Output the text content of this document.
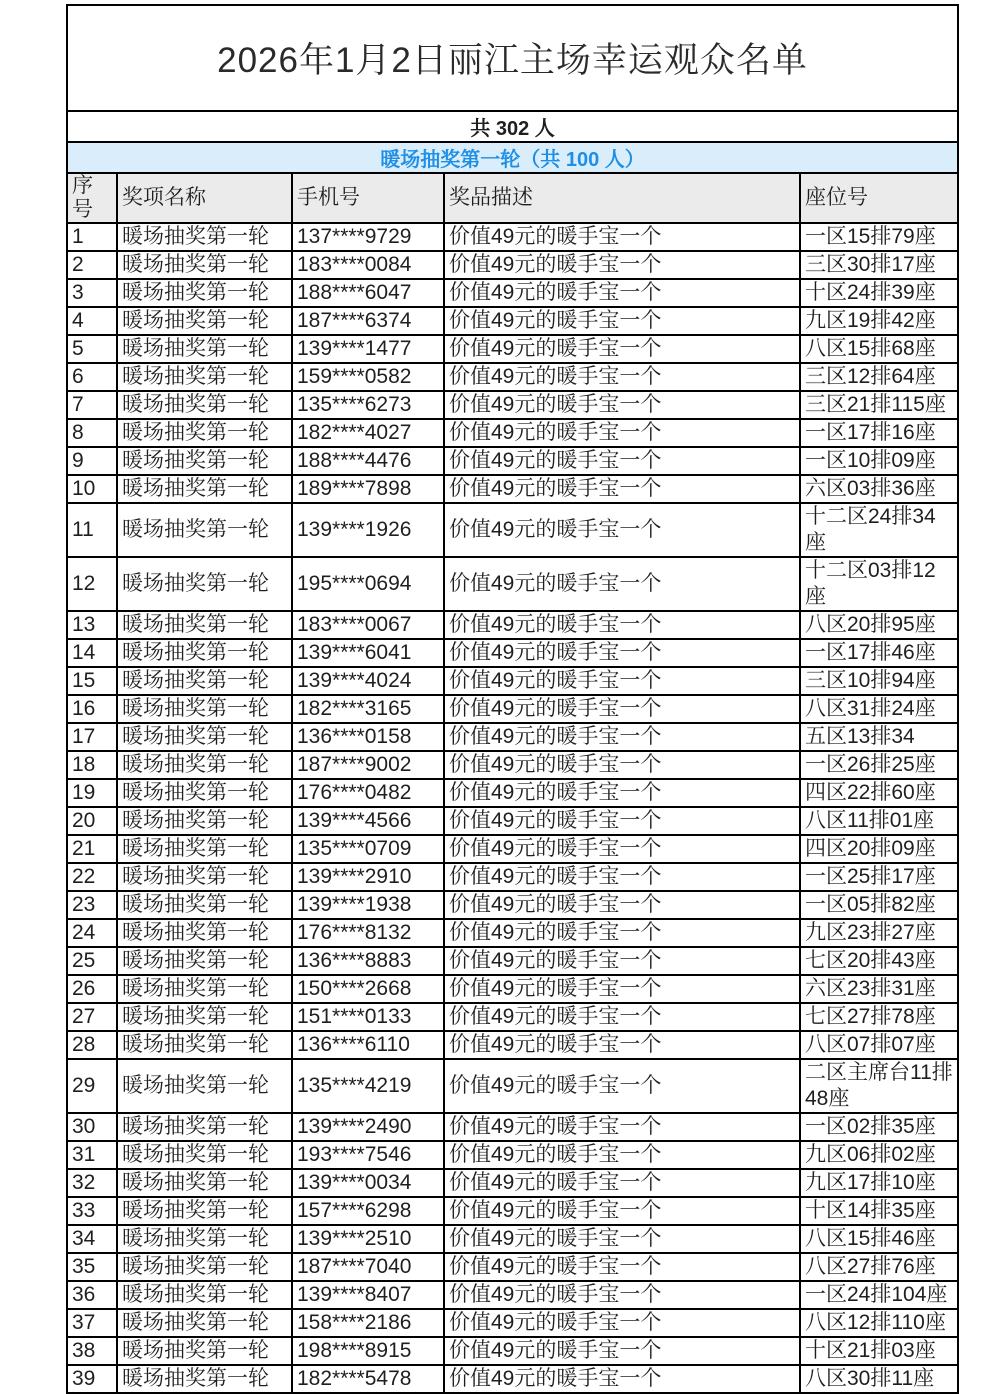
2026年1月2日丽江主场幸运观众名单				
共 302 人				
暖场抽奖第一轮（共 100 人）				
序号	奖项名称	手机号	奖品描述	座位号
1	暖场抽奖第一轮	137****9729	价值49元的暖手宝一个	一区15排79座
2	暖场抽奖第一轮	183****0084	价值49元的暖手宝一个	三区30排17座
3	暖场抽奖第一轮	188****6047	价值49元的暖手宝一个	十区24排39座
4	暖场抽奖第一轮	187****6374	价值49元的暖手宝一个	九区19排42座
5	暖场抽奖第一轮	139****1477	价值49元的暖手宝一个	八区15排68座
6	暖场抽奖第一轮	159****0582	价值49元的暖手宝一个	三区12排64座
7	暖场抽奖第一轮	135****6273	价值49元的暖手宝一个	三区21排115座
8	暖场抽奖第一轮	182****4027	价值49元的暖手宝一个	一区17排16座
9	暖场抽奖第一轮	188****4476	价值49元的暖手宝一个	一区10排09座
10	暖场抽奖第一轮	189****7898	价值49元的暖手宝一个	六区03排36座
11	暖场抽奖第一轮	139****1926	价值49元的暖手宝一个	十二区24排34座
12	暖场抽奖第一轮	195****0694	价值49元的暖手宝一个	十二区03排12座
13	暖场抽奖第一轮	183****0067	价值49元的暖手宝一个	八区20排95座
14	暖场抽奖第一轮	139****6041	价值49元的暖手宝一个	一区17排46座
15	暖场抽奖第一轮	139****4024	价值49元的暖手宝一个	三区10排94座
16	暖场抽奖第一轮	182****3165	价值49元的暖手宝一个	八区31排24座
17	暖场抽奖第一轮	136****0158	价值49元的暖手宝一个	五区13排34
18	暖场抽奖第一轮	187****9002	价值49元的暖手宝一个	一区26排25座
19	暖场抽奖第一轮	176****0482	价值49元的暖手宝一个	四区22排60座
20	暖场抽奖第一轮	139****4566	价值49元的暖手宝一个	八区11排01座
21	暖场抽奖第一轮	135****0709	价值49元的暖手宝一个	四区20排09座
22	暖场抽奖第一轮	139****2910	价值49元的暖手宝一个	一区25排17座
23	暖场抽奖第一轮	139****1938	价值49元的暖手宝一个	一区05排82座
24	暖场抽奖第一轮	176****8132	价值49元的暖手宝一个	九区23排27座
25	暖场抽奖第一轮	136****8883	价值49元的暖手宝一个	七区20排43座
26	暖场抽奖第一轮	150****2668	价值49元的暖手宝一个	六区23排31座
27	暖场抽奖第一轮	151****0133	价值49元的暖手宝一个	七区27排78座
28	暖场抽奖第一轮	136****6110	价值49元的暖手宝一个	八区07排07座
29	暖场抽奖第一轮	135****4219	价值49元的暖手宝一个	二区主席台11排48座
30	暖场抽奖第一轮	139****2490	价值49元的暖手宝一个	一区02排35座
31	暖场抽奖第一轮	193****7546	价值49元的暖手宝一个	九区06排02座
32	暖场抽奖第一轮	139****0034	价值49元的暖手宝一个	九区17排10座
33	暖场抽奖第一轮	157****6298	价值49元的暖手宝一个	十区14排35座
34	暖场抽奖第一轮	139****2510	价值49元的暖手宝一个	八区15排46座
35	暖场抽奖第一轮	187****7040	价值49元的暖手宝一个	八区27排76座
36	暖场抽奖第一轮	139****8407	价值49元的暖手宝一个	一区24排104座
37	暖场抽奖第一轮	158****2186	价值49元的暖手宝一个	八区12排110座
38	暖场抽奖第一轮	198****8915	价值49元的暖手宝一个	十区21排03座
39	暖场抽奖第一轮	182****5478	价值49元的暖手宝一个	八区30排11座
